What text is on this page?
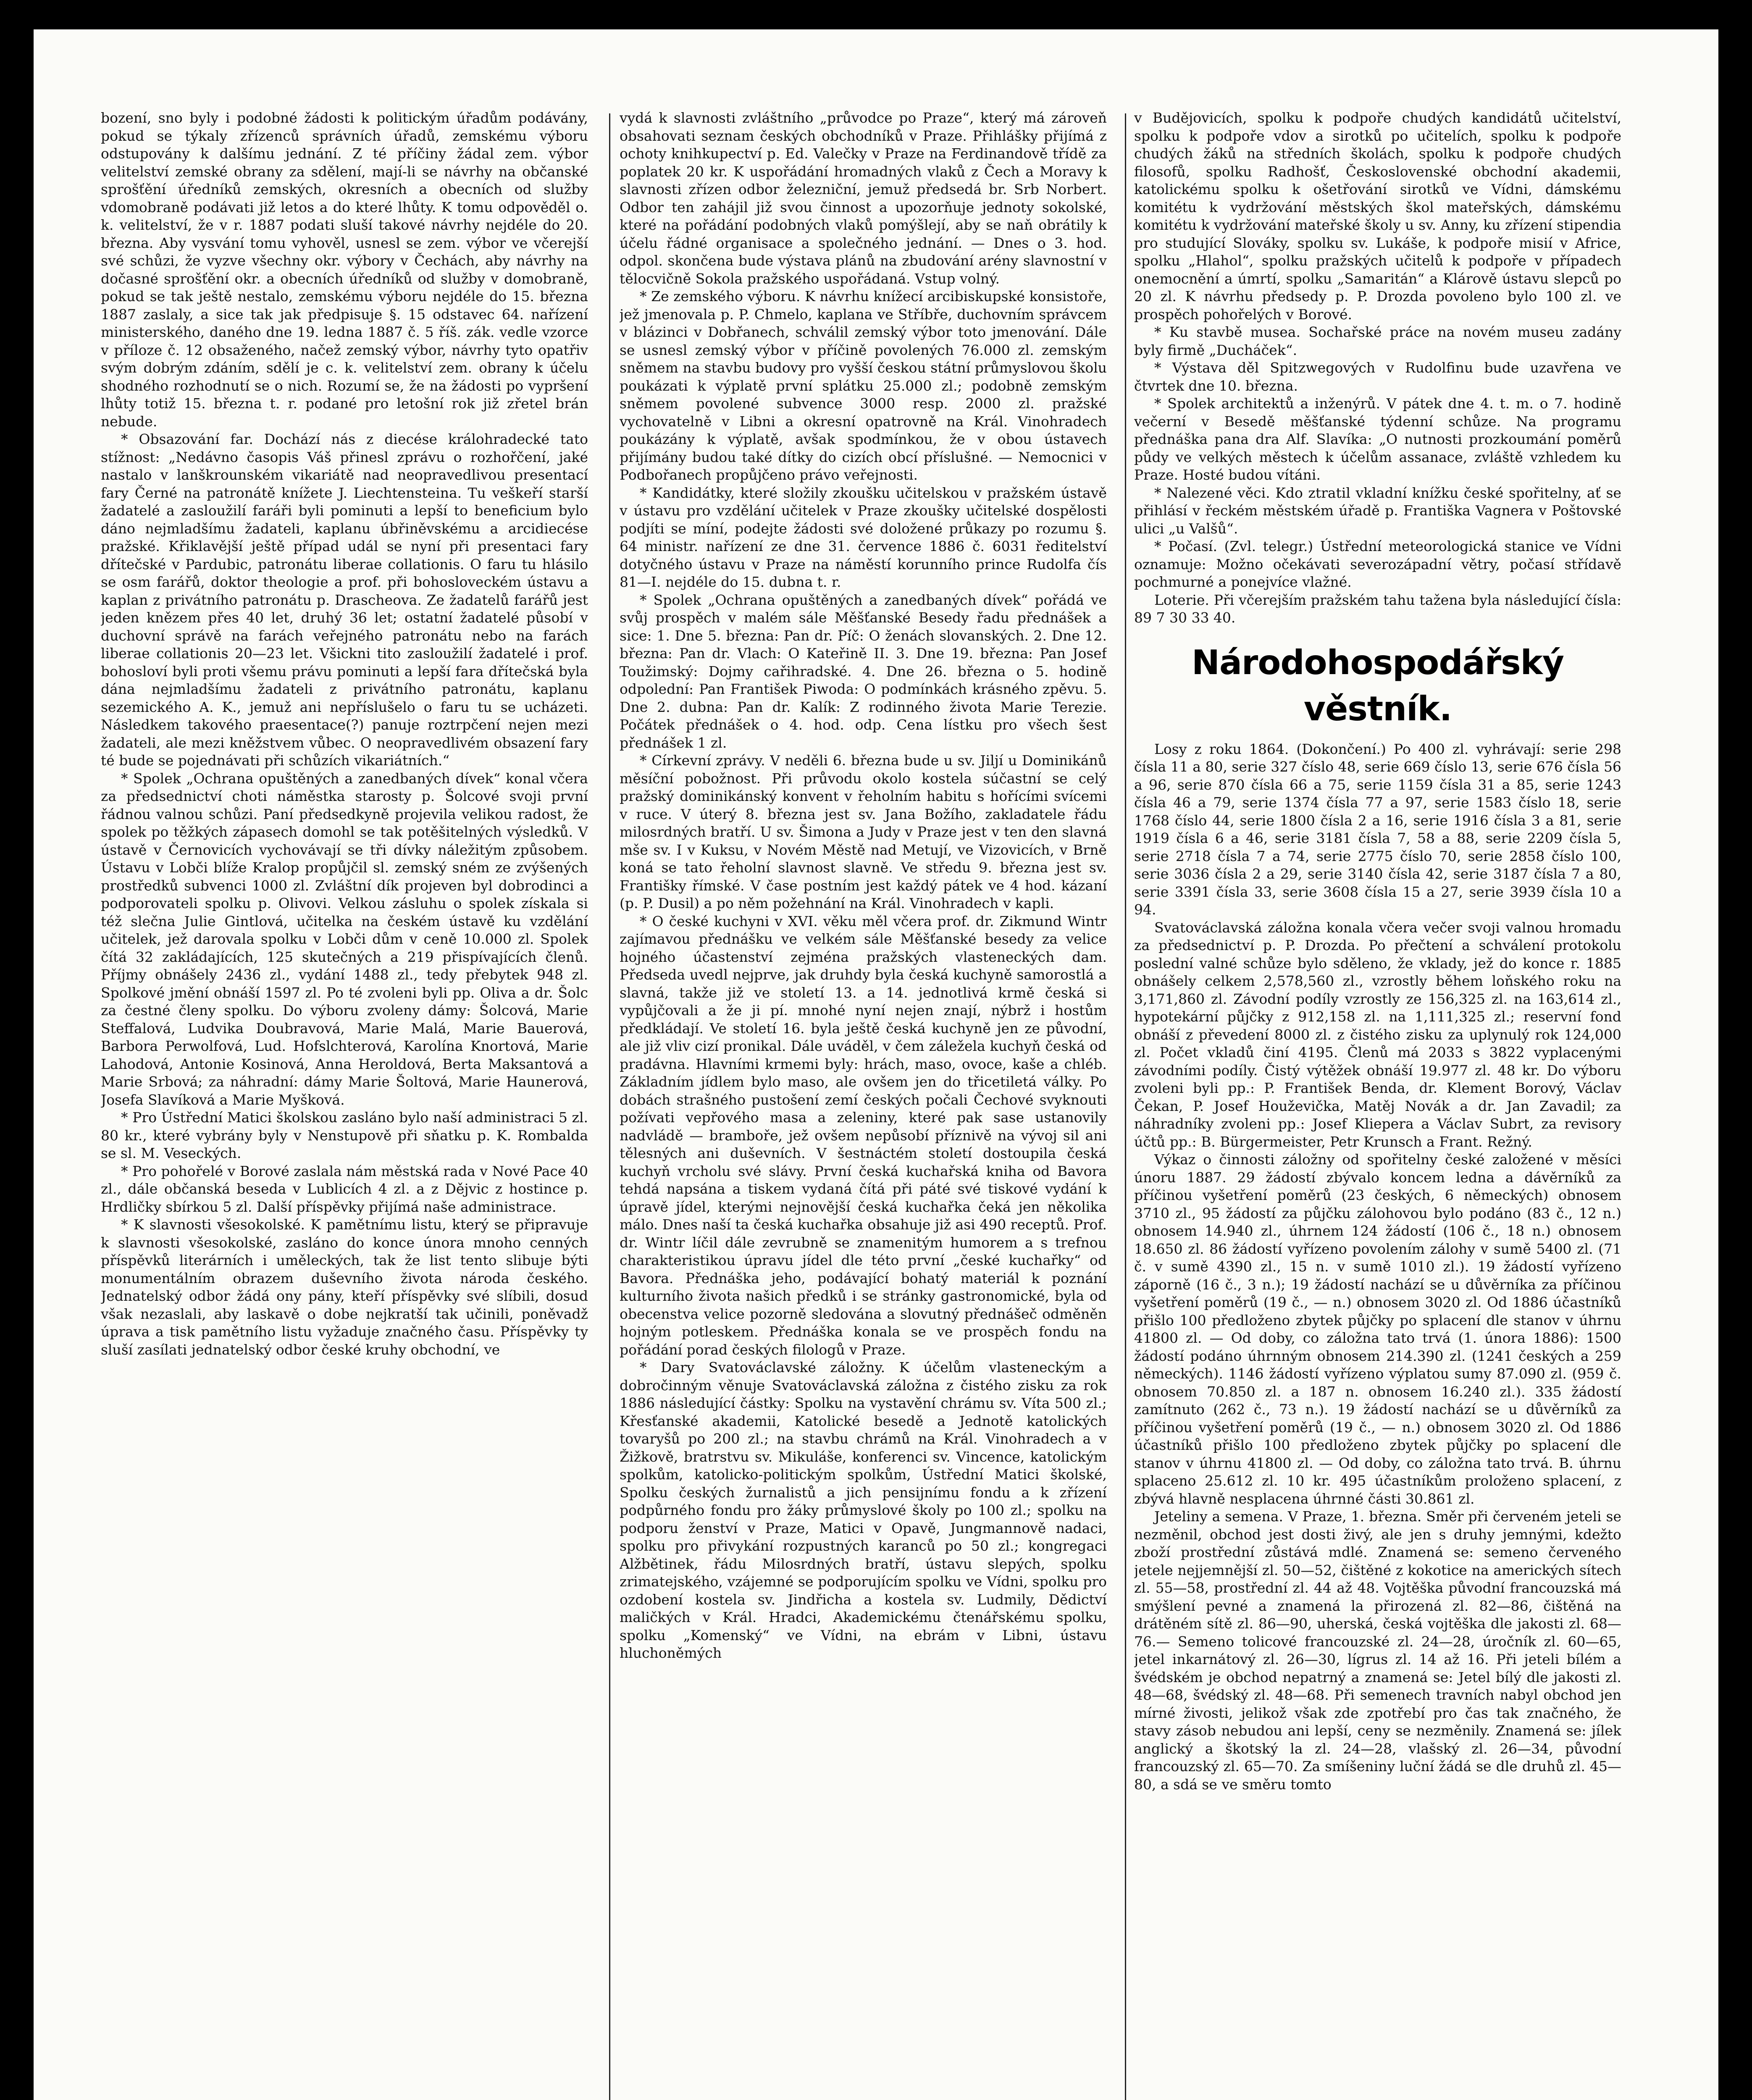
bození, sno byly i podobné žádosti k politickým úřadům podávány, pokud se týkaly zřízenců správních úřadů, zemskému výboru odstupovány k dalšímu jednání. Z té příčiny žádal zem. výbor velitelství zemské obrany za sdělení, mají-li se návrhy na občanské sprošťění úředníků zemských, okresních a obecních od služby vdomobraně podávati již letos a do které lhůty. K tomu odpověděl o. k. velitelství, že v r. 1887 podati sluší takové návrhy nejdéle do 20. března. Aby vysvání tomu vyhověl, usnesl se zem. výbor ve včerejší své schůzi, že vyzve všechny okr. výbory v Čechách, aby návrhy na dočasné sprošťění okr. a obecních úředníků od služby v domobraně, pokud se tak ještě nestalo, zemskému výboru nejdéle do 15. března 1887 zaslaly, a sice tak jak předpisuje §. 15 odstavec 64. nařízení ministerského, daného dne 19. ledna 1887 č. 5 říš. zák. vedle vzorce v příloze č. 12 obsaženého, načež zemský výbor, návrhy tyto opatřiv svým dobrým zdáním, sdělí je c. k. velitelství zem. obrany k účelu shodného rozhodnutí se o nich. Rozumí se, že na žádosti po vypršení lhůty totiž 15. března t. r. podané pro letošní rok již zřetel brán nebude.

* Obsazování far. Dochází nás z diecése králohradecké tato stížnost: „Nedávno časopis Váš přinesl zprávu o rozhořčení, jaké nastalo v lanškrounském vikariátě nad neopravedlivou presentací fary Černé na patronátě knížete J. Liechtensteina. Tu veškeří starší žadatelé a zasloužilí faráři byli pominuti a lepší to beneficium bylo dáno nejmladšímu žadateli, kaplanu úbřiněvskému a arcidiecése pražské. Křiklavější ještě případ udál se nyní při presentaci fary dřítečské v Pardubic, patronátu liberae collationis. O faru tu hlásilo se osm farářů, doktor theologie a prof. při bohosloveckém ústavu a kaplan z privátního patronátu p. Drascheova. Ze žadatelů farářů jest jeden knězem přes 40 let, druhý 36 let; ostatní žadatelé působí v duchovní správě na farách veřejného patronátu nebo na farách liberae collationis 20—23 let. Všickni tito zasloužilí žadatelé i prof. bohosloví byli proti všemu právu pominuti a lepší fara dřítečská byla dána nejmladšímu žadateli z privátního patronátu, kaplanu sezemického A. K., jemuž ani nepříslušelo o faru tu se ucházeti. Následkem takového praesentace(?) panuje roztrpčení nejen mezi žadateli, ale mezi kněžstvem vůbec. O neopravedlivém obsazení fary té bude se pojednávati při schůzích vikariátních.“

* Spolek „Ochrana opuštěných a zanedbaných dívek“ konal včera za předsednictví choti náměstka starosty p. Šolcové svoji první řádnou valnou schůzi. Paní předsedkyně projevila velikou radost, že spolek po těžkých zápasech domohl se tak potěšitelných výsledků. V ústavě v Černovicích vychovávají se tři dívky náležitým způsobem. Ústavu v Lobči blíže Kralop propůjčil sl. zemský sném ze zvýšených prostředků subvenci 1000 zl. Zvláštní dík projeven byl dobrodinci a podporovateli spolku p. Olivovi. Velkou zásluhu o spolek získala si též slečna Julie Gintlová, učitelka na českém ústavě ku vzdělání učitelek, jež darovala spolku v Lobči dům v ceně 10.000 zl. Spolek čítá 32 zakládajících, 125 skutečných a 219 přispívajících členů. Příjmy obnášely 2436 zl., vydání 1488 zl., tedy přebytek 948 zl. Spolkové jmění obnáší 1597 zl. Po té zvoleni byli pp. Oliva a dr. Šolc za čestné členy spolku. Do výboru zvoleny dámy: Šolcová, Marie Steffalová, Ludvika Doubravová, Marie Malá, Marie Bauerová, Barbora Perwolfová, Lud. Hofslchterová, Karolína Knortová, Marie Lahodová, Antonie Kosinová, Anna Heroldová, Berta Maksantová a Marie Srbová; za náhradní: dámy Marie Šoltová, Marie Haunerová, Josefa Slavíková a Marie Myšková.

* Pro Ústřední Matici školskou zasláno bylo naší administraci 5 zl. 80 kr., které vybrány byly v Nenstupově při sňatku p. K. Rombalda se sl. M. Veseckých.

* Pro pohořelé v Borové zaslala nám městská rada v Nové Pace 40 zl., dále občanská beseda v Lublicích 4 zl. a z Dějvic z hostince p. Hrdličky sbírkou 5 zl. Další příspěvky přijímá naše administrace.

* K slavnosti všesokolské. K pamětnímu listu, který se připravuje k slavnosti všesokolské, zasláno do konce února mnoho cenných příspěvků literárních i uměleckých, tak že list tento slibuje býti monumentálním obrazem duševního života národa českého. Jednatelský odbor žádá ony pány, kteří příspěvky své slíbili, dosud však nezaslali, aby laskavě o dobe nejkratší tak učinili, poněvadž úprava a tisk pamětního listu vyžaduje značného času. Příspěvky ty sluší zasílati jednatelský odbor české kruhy obchodní, ve

vydá k slavnosti zvláštního „průvodce po Praze“, který má zároveň obsahovati seznam českých obchodníků v Praze. Přihlášky přijímá z ochoty knihkupectví p. Ed. Valečky v Praze na Ferdinandově třídě za poplatek 20 kr. K uspořádání hromadných vlaků z Čech a Moravy k slavnosti zřízen odbor železniční, jemuž předsedá br. Srb Norbert. Odbor ten zahájil již svou činnost a upozorňuje jednoty sokolské, které na pořádání podobných vlaků pomýšlejí, aby se naň obrátily k účelu řádné organisace a společného jednání. — Dnes o 3. hod. odpol. skončena bude výstava plánů na zbudování arény slavnostní v tělocvičně Sokola pražského uspořádaná. Vstup volný.

* Ze zemského výboru. K návrhu knížecí arcibiskupské konsistoře, jež jmenovala p. P. Chmelo, kaplana ve Stříbře, duchovním správcem v blázinci v Dobřanech, schválil zemský výbor toto jmenování. Dále se usnesl zemský výbor v příčině povolených 76.000 zl. zemským sněmem na stavbu budovy pro vyšší českou státní průmyslovou školu poukázati k výplatě první splátku 25.000 zl.; podobně zemským sněmem povolené subvence 3000 resp. 2000 zl. pražské vychovatelně v Libni a okresní opatrovně na Král. Vinohradech poukázány k výplatě, avšak spodmínkou, že v obou ústavech přijímány budou také dítky do cizích obcí příslušné. — Nemocnici v Podbořanech propůjčeno právo veřejnosti.

* Kandidátky, které složily zkoušku učitelskou v pražském ústavě v ústavu pro vzdělání učitelek v Praze zkoušky učitelské dospělosti podjíti se míní, podejte žádosti své doložené průkazy po rozumu §. 64 ministr. nařízení ze dne 31. července 1886 č. 6031 ředitelství dotyčného ústavu v Praze na náměstí korunního prince Rudolfa čís 81—I. nejdéle do 15. dubna t. r.

* Spolek „Ochrana opuštěných a zanedbaných dívek“ pořádá ve svůj prospěch v malém sále Měšťanské Besedy řadu přednášek a sice: 1. Dne 5. března: Pan dr. Píč: O ženách slovanských. 2. Dne 12. března: Pan dr. Vlach: O Kateřině II. 3. Dne 19. března: Pan Josef Toužimský: Dojmy cařihradské. 4. Dne 26. března o 5. hodině odpolední: Pan František Piwoda: O podmínkách krásného zpěvu. 5. Dne 2. dubna: Pan dr. Kalík: Z rodinného života Marie Terezie. Počátek přednášek o 4. hod. odp. Cena lístku pro všech šest přednášek 1 zl.

* Církevní zprávy. V neděli 6. března bude u sv. Jiljí u Dominikánů měsíční pobožnost. Při průvodu okolo kostela súčastní se celý pražský dominikánský konvent v řeholním habitu s hořícími svícemi v ruce. V úterý 8. března jest sv. Jana Božího, zakladatele řádu milosrdných bratří. U sv. Šimona a Judy v Praze jest v ten den slavná mše sv. I v Kuksu, v Novém Městě nad Metují, ve Vizovicích, v Brně koná se tato řeholní slavnost slavně. Ve středu 9. března jest sv. Františky římské. V čase postním jest každý pátek ve 4 hod. kázaní (p. P. Dusil) a po něm požehnání na Král. Vinohradech v kapli.

* O české kuchyni v XVI. věku měl včera prof. dr. Zikmund Wintr zajímavou přednášku ve velkém sále Měšťanské besedy za velice hojného účastenství zejména pražských vlasteneckých dam. Předseda uvedl nejprve, jak druhdy byla česká kuchyně samorostlá a slavná, takže již ve století 13. a 14. jednotlivá krmě česká si vypůjčovali a že ji pí. mnohé nyní nejen znají, nýbrž i hostům předkládají. Ve století 16. byla ještě česká kuchyně jen ze původní, ale již vliv cizí pronikal. Dále uváděl, v čem záležela kuchyň česká od pradávna. Hlavními krmemi byly: hrách, maso, ovoce, kaše a chléb. Základním jídlem bylo maso, ale ovšem jen do třicetiletá války. Po dobách strašného pustošení zemí českých počali Čechové svyknouti požívati vepřového masa a zeleniny, které pak sase ustanovily nadvládě — bramboře, jež ovšem nepůsobí příznivě na vývoj sil ani tělesných ani duševních. V šestnáctém století dostoupila česká kuchyň vrcholu své slávy. První česká kuchařská kniha od Bavora tehdá napsána a tiskem vydaná čítá při páté své tiskové vydání k úpravě jídel, kterými nejnovější česká kuchařka čeká jen několika málo. Dnes naší ta česká kuchařka obsahuje již asi 490 receptů. Prof. dr. Wintr líčil dále zevrubně se znamenitým humorem a s trefnou charakteristikou úpravu jídel dle této první „české kuchařky“ od Bavora. Přednáška jeho, podávající bohatý materiál k poznání kulturního života našich předků i se stránky gastronomické, byla od obecenstva velice pozorně sledována a slovutný přednášeč odměněn hojným potleskem. Přednáška konala se ve prospěch fondu na pořádání porad českých filologů v Praze.

* Dary Svatováclavské záložny. K účelům vlasteneckým a dobročinným věnuje Svatováclavská záložna z čistého zisku za rok 1886 následující částky: Spolku na vystavění chrámu sv. Víta 500 zl.; Křesťanské akademii, Katolické besedě a Jednotě katolických tovaryšů po 200 zl.; na stavbu chrámů na Král. Vinohradech a v Žižkově, bratrstvu sv. Mikuláše, konferenci sv. Vincence, katolickým spolkům, katolicko-politickým spolkům, Ústřední Matici školské, Spolku českých žurnalistů a jich pensijnímu fondu a k zřízení podpůrného fondu pro žáky průmyslové školy po 100 zl.; spolku na podporu ženství v Praze, Matici v Opavě, Jungmannově nadaci, spolku pro přivykání rozpustných karanců po 50 zl.; kongregaci Alžbětinek, řádu Milosrdných bratří, ústavu slepých, spolku zrimatejského, vzájemné se podporujícím spolku ve Vídni, spolku pro ozdobení kostela sv. Jindřicha a kostela sv. Ludmily, Dědictví maličkých v Král. Hradci, Akademickému čtenářskému spolku, spolku „Komenský“ ve Vídni, na ebrám v Libni, ústavu hluchoněmých

v Budějovicích, spolku k podpoře chudých kandidátů učitelství, spolku k podpoře vdov a sirotků po učitelích, spolku k podpoře chudých žáků na středních školách, spolku k podpoře chudých filosofů, spolku Radhošť, Československé obchodní akademii, katolickému spolku k ošetřování sirotků ve Vídni, dámskému komitétu k vydržování městských škol mateřských, dámskému komitétu k vydržování mateřské školy u sv. Anny, ku zřízení stipendia pro studující Slováky, spolku sv. Lukáše, k podpoře misií v Africe, spolku „Hlahol“, spolku pražských učitelů k podpoře v případech onemocnění a úmrtí, spolku „Samaritán“ a Klárově ústavu slepců po 20 zl. K návrhu předsedy p. P. Drozda povoleno bylo 100 zl. ve prospěch pohořelých v Borové.

* Ku stavbě musea. Sochařské práce na novém museu zadány byly firmě „Ducháček“.

* Výstava děl Spitzwegových v Rudolfinu bude uzavřena ve čtvrtek dne 10. března.

* Spolek architektů a inženýrů. V pátek dne 4. t. m. o 7. hodině večerní v Besedě měšťanské týdenní schůze. Na programu přednáška pana dra Alf. Slavíka: „O nutnosti prozkoumání poměrů půdy ve velkých městech k účelům assanace, zvláště vzhledem ku Praze. Hosté budou vítáni.

* Nalezené věci. Kdo ztratil vkladní knížku české spořitelny, ať se přihlásí v řeckém městském úřadě p. Františka Vagnera v Poštovské ulici „u Valšů“.

* Počasí. (Zvl. telegr.) Ústřední meteorologická stanice ve Vídni oznamuje: Možno očekávati severozápadní větry, počasí střídavě pochmurné a ponejvíce vlažné.

Loterie. Při včerejším pražském tahu tažena byla následující čísla: 89 7 30 33 40.

Národohospodářský věstník.

Losy z roku 1864. (Dokončení.) Po 400 zl. vyhrávají: serie 298 čísla 11 a 80, serie 327 číslo 48, serie 669 číslo 13, serie 676 čísla 56 a 96, serie 870 čísla 66 a 75, serie 1159 čísla 31 a 85, serie 1243 čísla 46 a 79, serie 1374 čísla 77 a 97, serie 1583 číslo 18, serie 1768 číslo 44, serie 1800 čísla 2 a 16, serie 1916 čísla 3 a 81, serie 1919 čísla 6 a 46, serie 3181 čísla 7, 58 a 88, serie 2209 čísla 5, serie 2718 čísla 7 a 74, serie 2775 číslo 70, serie 2858 číslo 100, serie 3036 čísla 2 a 29, serie 3140 čísla 42, serie 3187 čísla 7 a 80, serie 3391 čísla 33, serie 3608 čísla 15 a 27, serie 3939 čísla 10 a 94.

Svatováclavská záložna konala včera večer svoji valnou hromadu za předsednictví p. P. Drozda. Po přečtení a schválení protokolu poslední valné schůze bylo sděleno, že vklady, jež do konce r. 1885 obnášely celkem 2,578,560 zl., vzrostly během loňského roku na 3,171,860 zl. Závodní podíly vzrostly ze 156,325 zl. na 163,614 zl., hypotekární půjčky z 912,158 zl. na 1,111,325 zl.; reservní fond obnáší z převedení 8000 zl. z čistého zisku za uplynulý rok 124,000 zl. Počet vkladů činí 4195. Členů má 2033 s 3822 vyplacenými závodními podíly. Čistý výtěžek obnáší 19.977 zl. 48 kr. Do výboru zvoleni byli pp.: P. František Benda, dr. Klement Borový, Václav Čekan, P. Josef Houževička, Matěj Novák a dr. Jan Zavadil; za náhradníky zvoleni pp.: Josef Kliepera a Václav Subrt, za revisory účtů pp.: B. Bürgermeister, Petr Krunsch a Frant. Režný.

Výkaz o činnosti záložny od spořitelny české založené v měsíci únoru 1887. 29 žádostí zbývalo koncem ledna a dávěrníků za příčinou vyšetření poměrů (23 českých, 6 německých) obnosem 3710 zl., 95 žádostí za půjčku zálohovou bylo podáno (83 č., 12 n.) obnosem 14.940 zl., úhrnem 124 žádostí (106 č., 18 n.) obnosem 18.650 zl. 86 žádostí vyřízeno povolením zálohy v sumě 5400 zl. (71 č. v sumě 4390 zl., 15 n. v sumě 1010 zl.). 19 žádostí vyřízeno záporně (16 č., 3 n.); 19 žádostí nachází se u důvěrníka za příčinou vyšetření poměrů (19 č., — n.) obnosem 3020 zl. Od 1886 účastníků přišlo 100 předloženo zbytek půjčky po splacení dle stanov v úhrnu 41800 zl. — Od doby, co záložna tato trvá (1. února 1886): 1500 žádostí podáno úhrnným obnosem 214.390 zl. (1241 českých a 259 německých). 1146 žádostí vyřízeno výplatou sumy 87.090 zl. (959 č. obnosem 70.850 zl. a 187 n. obnosem 16.240 zl.). 335 žádostí zamítnuto (262 č., 73 n.). 19 žádostí nachází se u důvěrníků za příčinou vyšetření poměrů (19 č., — n.) obnosem 3020 zl. Od 1886 účastníků přišlo 100 předloženo zbytek půjčky po splacení dle stanov v úhrnu 41800 zl. — Od doby, co záložna tato trvá. B. úhrnu splaceno 25.612 zl. 10 kr. 495 účastníkům proloženo splacení, z zbývá hlavně nesplacena úhrnné části 30.861 zl.

Jeteliny a semena. V Praze, 1. března. Směr při červeném jeteli se nezměnil, obchod jest dosti živý, ale jen s druhy jemnými, kdežto zboží prostřední zůstává mdlé. Znamená se: semeno červeného jetele nejjemnější zl. 50—52, čištěné z kokotice na amerických sítech zl. 55—58, prostřední zl. 44 až 48. Vojtěška původní francouzská má smýšlení pevné a znamená la přirozená zl. 82—86, čištěná na drátěném sítě zl. 86—90, uherská, česká vojtěška dle jakosti zl. 68—76.— Semeno tolicové francouzské zl. 24—28, úročník zl. 60—65, jetel inkarnátový zl. 26—30, lígrus zl. 14 až 16. Při jeteli bílém a švédském je obchod nepatrný a znamená se: Jetel bílý dle jakosti zl. 48—68, švédský zl. 48—68. Při semenech travních nabyl obchod jen mírné živosti, jelikož však zde zpotřebí pro čas tak značného, že stavy zásob nebudou ani lepší, ceny se nezměnily. Znamená se: jílek anglický a škotský la zl. 24—28, vlašský zl. 26—34, původní francouzský zl. 65—70. Za smíšeniny luční žádá se dle druhů zl. 45—80, a sdá se ve směru tomto
